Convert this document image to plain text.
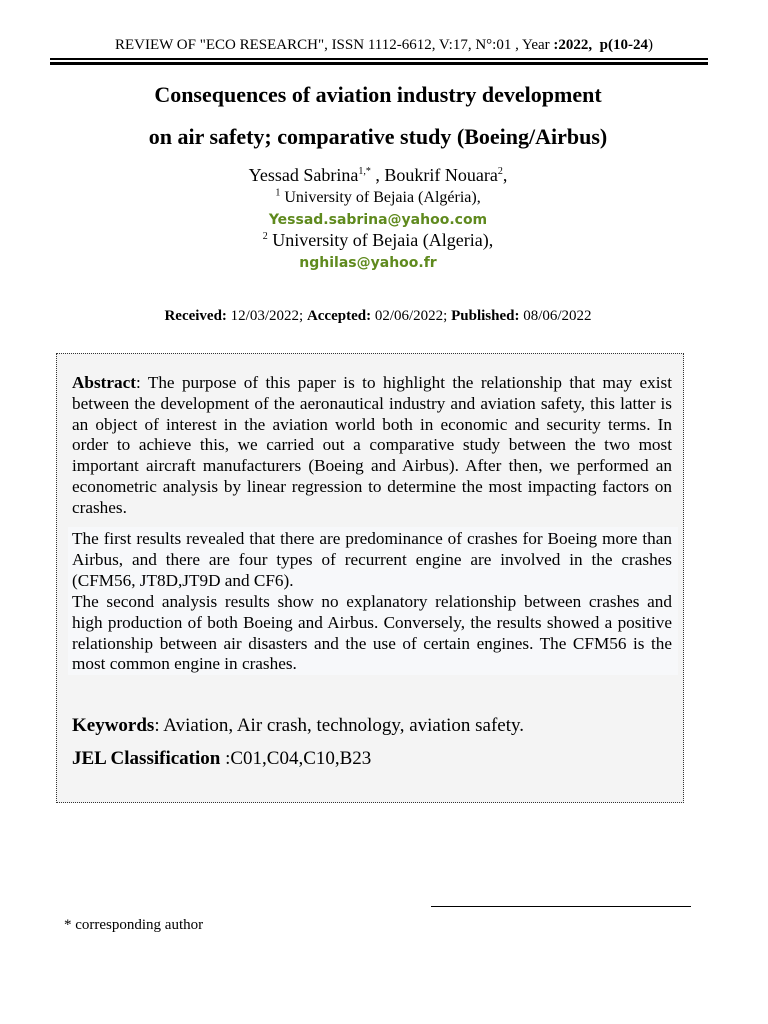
REVIEW OF "ECO RESEARCH", ISSN 1112-6612, V:17, N°:01 , Year :2022, p(10-24)
Consequences of aviation industry development
on air safety; comparative study (Boeing/Airbus)
Yessad Sabrina$^{1,*}$ , Boukrif Nouara$^2$,
$^1$ University of Bejaia (Algéria),
Yessad.sabrina@yahoo.com
$^2$ University of Bejaia (Algeria),
nghilas@yahoo.fr
Received: 12/03/2022; Accepted: 02/06/2022; Published: 08/06/2022
Abstract: The purpose of this paper is to highlight the relationship that may exist between the development of the aeronautical industry and aviation safety, this latter is an object of interest in the aviation world both in economic and security terms. In order to achieve this, we carried out a comparative study between the two most important aircraft manufacturers (Boeing and Airbus). After then, we performed an econometric analysis by linear regression to determine the most impacting factors on crashes.
The first results revealed that there are predominance of crashes for Boeing more than Airbus, and there are four types of recurrent engine are involved in the crashes (CFM56, JT8D,JT9D and CF6).
The second analysis results show no explanatory relationship between crashes and high production of both Boeing and Airbus. Conversely, the results showed a positive relationship between air disasters and the use of certain engines. The CFM56 is the most common engine in crashes.
Keywords: Aviation, Air crash, technology, aviation safety.
JEL Classification :C01,C04,C10,B23
* corresponding author
